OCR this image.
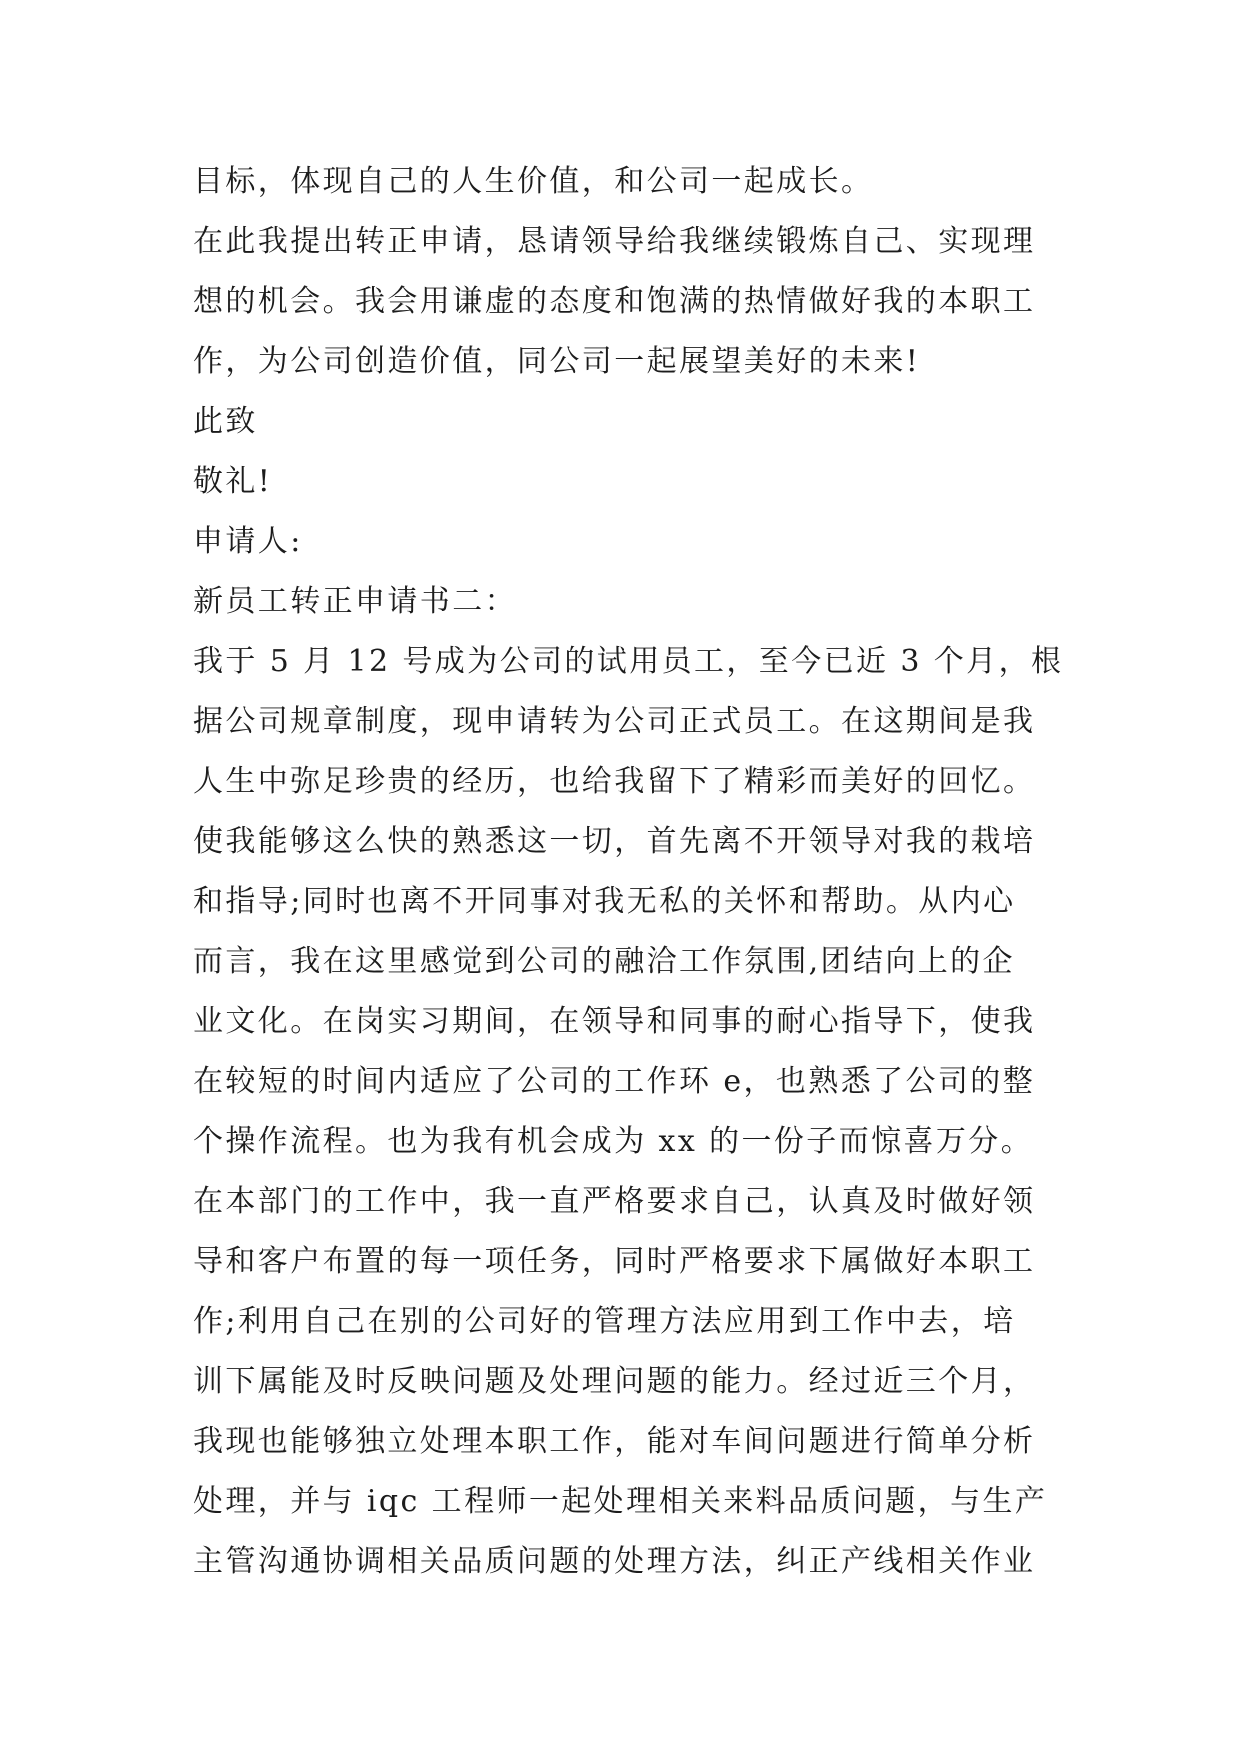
目标，体现自己的人生价值，和公司一起成长。
在此我提出转正申请，恳请领导给我继续锻炼自己、实现理
想的机会。我会用谦虚的态度和饱满的热情做好我的本职工
作，为公司创造价值，同公司一起展望美好的未来!
此致
敬礼!
申请人:
新员工转正申请书二：
我于 5 月 12 号成为公司的试用员工，至今已近 3 个月，根
据公司规章制度，现申请转为公司正式员工。在这期间是我
人生中弥足珍贵的经历，也给我留下了精彩而美好的回忆。
使我能够这么快的熟悉这一切，首先离不开领导对我的栽培
和指导;同时也离不开同事对我无私的关怀和帮助。从内心
而言，我在这里感觉到公司的融洽工作氛围,团结向上的企
业文化。在岗实习期间，在领导和同事的耐心指导下，使我
在较短的时间内适应了公司的工作环 e，也熟悉了公司的整
个操作流程。也为我有机会成为 xx 的一份子而惊喜万分。
在本部门的工作中，我一直严格要求自己，认真及时做好领
导和客户布置的每一项任务，同时严格要求下属做好本职工
作;利用自己在别的公司好的管理方法应用到工作中去，培
训下属能及时反映问题及处理问题的能力。经过近三个月，
我现也能够独立处理本职工作，能对车间问题进行简单分析
处理，并与 iqc 工程师一起处理相关来料品质问题，与生产
主管沟通协调相关品质问题的处理方法，纠正产线相关作业
